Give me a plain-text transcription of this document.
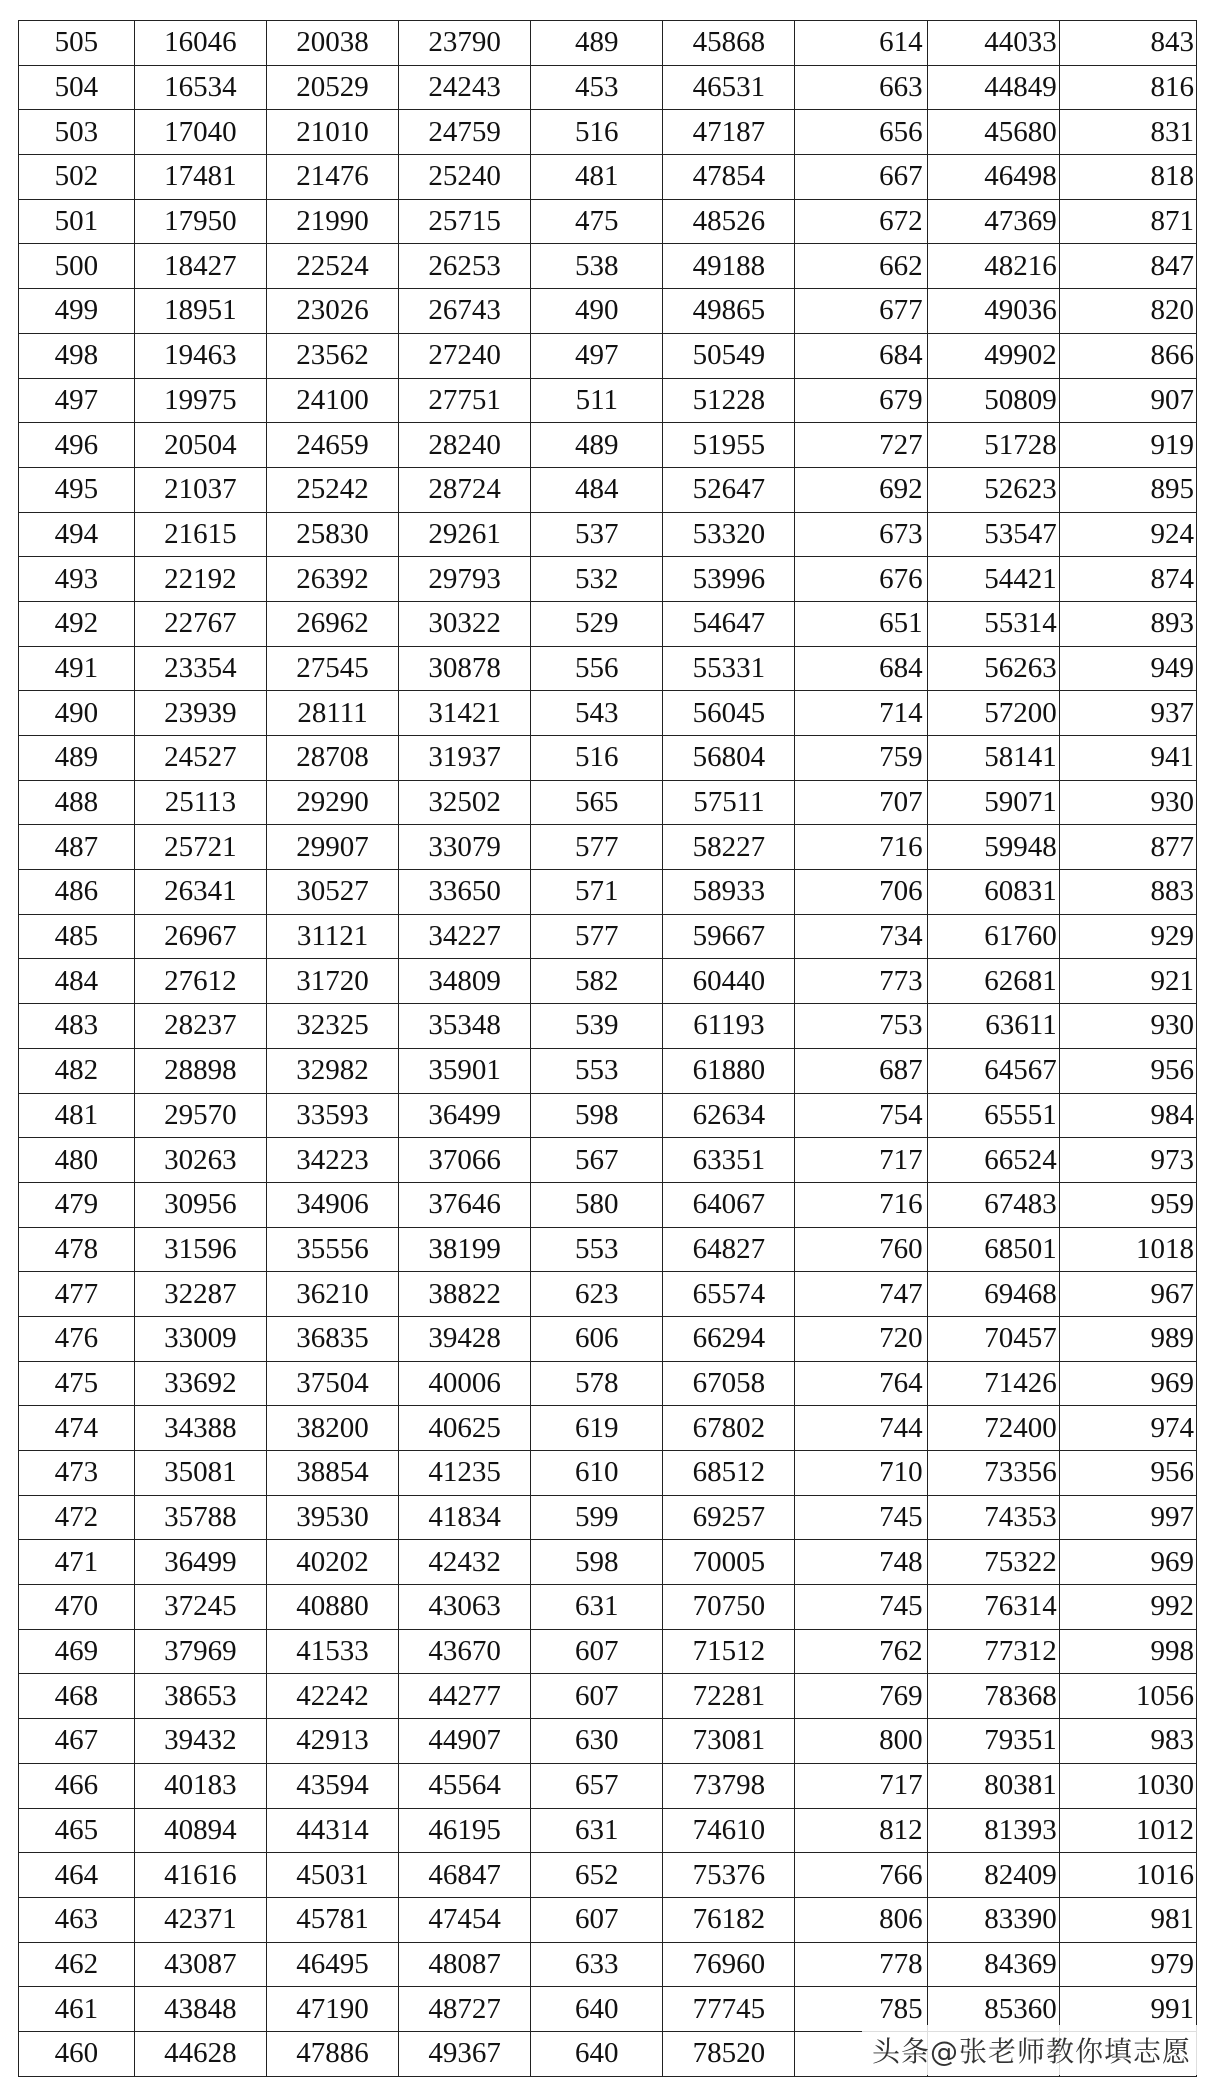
505	16046	20038	23790	489	45868	614	44033	843
504	16534	20529	24243	453	46531	663	44849	816
503	17040	21010	24759	516	47187	656	45680	831
502	17481	21476	25240	481	47854	667	46498	818
501	17950	21990	25715	475	48526	672	47369	871
500	18427	22524	26253	538	49188	662	48216	847
499	18951	23026	26743	490	49865	677	49036	820
498	19463	23562	27240	497	50549	684	49902	866
497	19975	24100	27751	511	51228	679	50809	907
496	20504	24659	28240	489	51955	727	51728	919
495	21037	25242	28724	484	52647	692	52623	895
494	21615	25830	29261	537	53320	673	53547	924
493	22192	26392	29793	532	53996	676	54421	874
492	22767	26962	30322	529	54647	651	55314	893
491	23354	27545	30878	556	55331	684	56263	949
490	23939	28111	31421	543	56045	714	57200	937
489	24527	28708	31937	516	56804	759	58141	941
488	25113	29290	32502	565	57511	707	59071	930
487	25721	29907	33079	577	58227	716	59948	877
486	26341	30527	33650	571	58933	706	60831	883
485	26967	31121	34227	577	59667	734	61760	929
484	27612	31720	34809	582	60440	773	62681	921
483	28237	32325	35348	539	61193	753	63611	930
482	28898	32982	35901	553	61880	687	64567	956
481	29570	33593	36499	598	62634	754	65551	984
480	30263	34223	37066	567	63351	717	66524	973
479	30956	34906	37646	580	64067	716	67483	959
478	31596	35556	38199	553	64827	760	68501	1018
477	32287	36210	38822	623	65574	747	69468	967
476	33009	36835	39428	606	66294	720	70457	989
475	33692	37504	40006	578	67058	764	71426	969
474	34388	38200	40625	619	67802	744	72400	974
473	35081	38854	41235	610	68512	710	73356	956
472	35788	39530	41834	599	69257	745	74353	997
471	36499	40202	42432	598	70005	748	75322	969
470	37245	40880	43063	631	70750	745	76314	992
469	37969	41533	43670	607	71512	762	77312	998
468	38653	42242	44277	607	72281	769	78368	1056
467	39432	42913	44907	630	73081	800	79351	983
466	40183	43594	45564	657	73798	717	80381	1030
465	40894	44314	46195	631	74610	812	81393	1012
464	41616	45031	46847	652	75376	766	82409	1016
463	42371	45781	47454	607	76182	806	83390	981
462	43087	46495	48087	633	76960	778	84369	979
461	43848	47190	48727	640	77745	785	85360	991
460	44628	47886	49367	640	78520				头条@张老师教你填志愿
